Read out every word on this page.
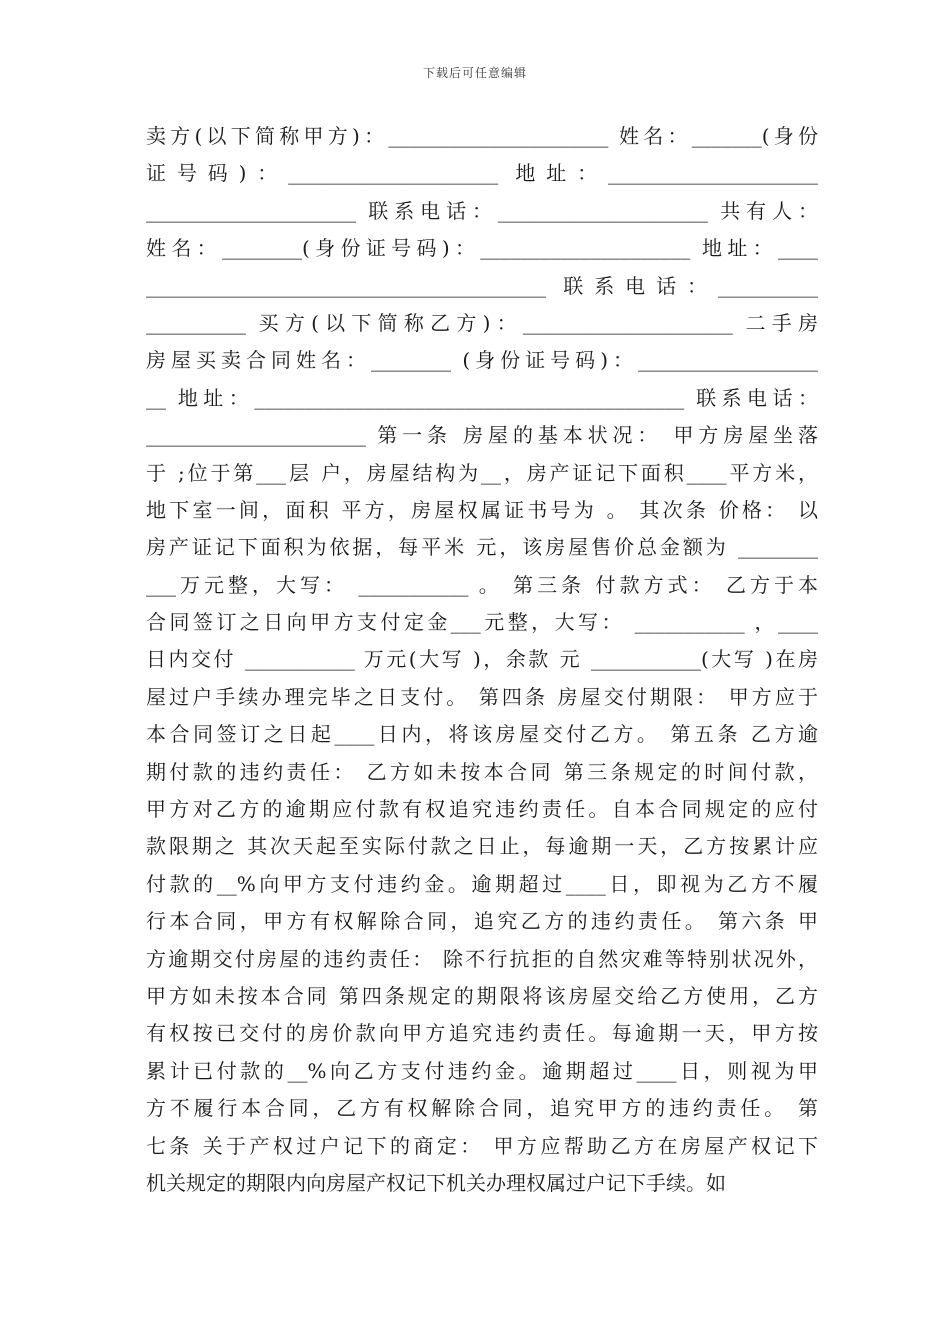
下载后可任意编辑
卖方(以下简称甲方)：______________________ 姓名：_______(身份
证号码)：_____________________ 地址：_____________________
_____________________ 联系电话：_____________________ 共有人：
姓名：________(身份证号码)：_____________________ 地址：____
________________________________________ 联系电话：__________
__________ 买方(以下简称乙方)：_____________________ 二手房
房屋买卖合同姓名：________ (身份证号码)：__________________
__ 地址：___________________________________________ 联系电话：
______________________ 第一条 房屋的基本状况： 甲方房屋坐落
于 ;位于第___层 户，房屋结构为__，房产证记下面积____平方米，
地下室一间，面积 平方，房屋权属证书号为 。 其次条 价格： 以
房产证记下面积为依据，每平米 元，该房屋售价总金额为 ________
___万元整，大写： ___________ 。 第三条 付款方式： 乙方于本
合同签订之日向甲方支付定金___元整，大写： ___________ ，____
日内交付 ___________ 万元(大写 )，余款 元 ___________(大写 )在房
屋过户手续办理完毕之日支付。 第四条 房屋交付期限： 甲方应于
本合同签订之日起____日内，将该房屋交付乙方。 第五条 乙方逾
期付款的违约责任： 乙方如未按本合同 第三条规定的时间付款，
甲方对乙方的逾期应付款有权追究违约责任。自本合同规定的应付
款限期之 其次天起至实际付款之日止，每逾期一天，乙方按累计应
付款的__%向甲方支付违约金。逾期超过____日，即视为乙方不履
行本合同，甲方有权解除合同，追究乙方的违约责任。 第六条 甲
方逾期交付房屋的违约责任： 除不行抗拒的自然灾难等特别状况外，
甲方如未按本合同 第四条规定的期限将该房屋交给乙方使用，乙方
有权按已交付的房价款向甲方追究违约责任。每逾期一天，甲方按
累计已付款的__%向乙方支付违约金。逾期超过____日，则视为甲
方不履行本合同，乙方有权解除合同，追究甲方的违约责任。 第
七条 关于产权过户记下的商定： 甲方应帮助乙方在房屋产权记下
机关规定的期限内向房屋产权记下机关办理权属过户记下手续。如
